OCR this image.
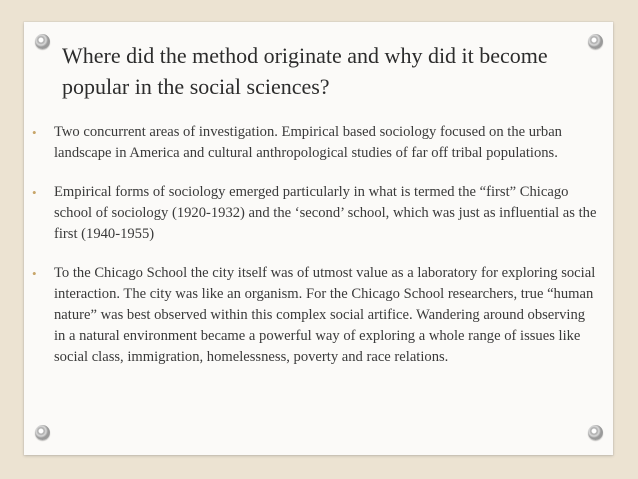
Where did the method originate and why did it become popular in the social sciences?
•	Two concurrent areas of investigation. Empirical based sociology focused on the urban landscape in America and cultural anthropological studies of far off tribal populations.
•	Empirical forms of sociology emerged particularly in what is termed the “first” Chicago school of sociology (1920-1932) and the ‘second’ school, which was just as influential as the first (1940-1955)
•	To the Chicago School the city itself was of utmost value as a laboratory for exploring social interaction. The city was like an organism. For the Chicago School researchers, true “human nature” was best observed within this complex social artifice. Wandering around observing in a natural environment became a powerful way of exploring a whole range of issues like social class, immigration, homelessness, poverty and race relations.
